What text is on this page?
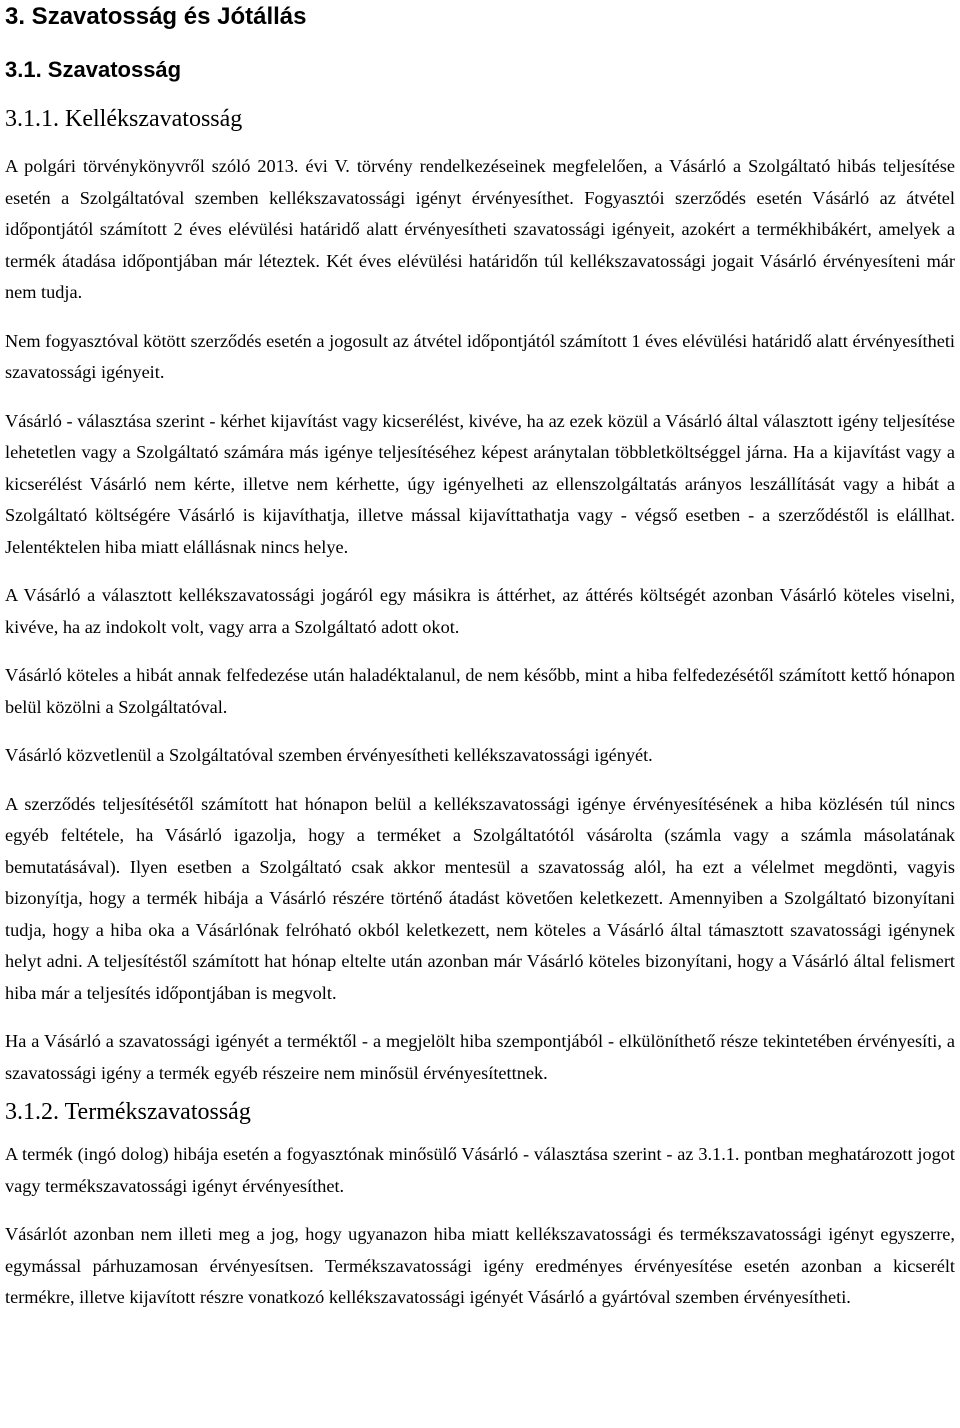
3. Szavatosság és Jótállás
3.1. Szavatosság
3.1.1. Kellékszavatosság

A polgári törvénykönyvről szóló 2013. évi V. törvény rendelkezéseinek megfelelően, a Vásárló a Szolgáltató hibás teljesítése esetén a Szolgáltatóval szemben kellékszavatossági igényt érvényesíthet. Fogyasztói szerződés esetén Vásárló az átvétel időpontjától számított 2 éves elévülési határidő alatt érvényesítheti szavatossági igényeit, azokért a termékhibákért, amelyek a termék átadása időpontjában már léteztek. Két éves elévülési határidőn túl kellékszavatossági jogait Vásárló érvényesíteni már nem tudja.

Nem fogyasztóval kötött szerződés esetén a jogosult az átvétel időpontjától számított 1 éves elévülési határidő alatt érvényesítheti szavatossági igényeit.

Vásárló - választása szerint - kérhet kijavítást vagy kicserélést, kivéve, ha az ezek közül a Vásárló által választott igény teljesítése lehetetlen vagy a Szolgáltató számára más igénye teljesítéséhez képest aránytalan többletköltséggel járna. Ha a kijavítást vagy a kicserélést Vásárló nem kérte, illetve nem kérhette, úgy igényelheti az ellenszolgáltatás arányos leszállítását vagy a hibát a Szolgáltató költségére Vásárló is kijavíthatja, illetve mással kijavíttathatja vagy - végső esetben - a szerződéstől is elállhat. Jelentéktelen hiba miatt elállásnak nincs helye.

A Vásárló a választott kellékszavatossági jogáról egy másikra is áttérhet, az áttérés költségét azonban Vásárló köteles viselni, kivéve, ha az indokolt volt, vagy arra a Szolgáltató adott okot.

Vásárló köteles a hibát annak felfedezése után haladéktalanul, de nem később, mint a hiba felfedezésétől számított kettő hónapon belül közölni a Szolgáltatóval.

Vásárló közvetlenül a Szolgáltatóval szemben érvényesítheti kellékszavatossági igényét.

A szerződés teljesítésétől számított hat hónapon belül a kellékszavatossági igénye érvényesítésének a hiba közlésén túl nincs egyéb feltétele, ha Vásárló igazolja, hogy a terméket a Szolgáltatótól vásárolta (számla vagy a számla másolatának bemutatásával). Ilyen esetben a Szolgáltató csak akkor mentesül a szavatosság alól, ha ezt a vélelmet megdönti, vagyis bizonyítja, hogy a termék hibája a Vásárló részére történő átadást követően keletkezett. Amennyiben a Szolgáltató bizonyítani tudja, hogy a hiba oka a Vásárlónak felróható okból keletkezett, nem köteles a Vásárló által támasztott szavatossági igénynek helyt adni. A teljesítéstől számított hat hónap eltelte után azonban már Vásárló köteles bizonyítani, hogy a Vásárló által felismert hiba már a teljesítés időpontjában is megvolt.

Ha a Vásárló a szavatossági igényét a terméktől - a megjelölt hiba szempontjából - elkülöníthető része tekintetében érvényesíti, a szavatossági igény a termék egyéb részeire nem minősül érvényesítettnek.

3.1.2. Termékszavatosság

A termék (ingó dolog) hibája esetén a fogyasztónak minősülő Vásárló - választása szerint - az 3.1.1. pontban meghatározott jogot vagy termékszavatossági igényt érvényesíthet.

Vásárlót azonban nem illeti meg a jog, hogy ugyanazon hiba miatt kellékszavatossági és termékszavatossági igényt egyszerre, egymással párhuzamosan érvényesítsen. Termékszavatossági igény eredményes érvényesítése esetén azonban a kicserélt termékre, illetve kijavított részre vonatkozó kellékszavatossági igényét Vásárló a gyártóval szemben érvényesítheti.
